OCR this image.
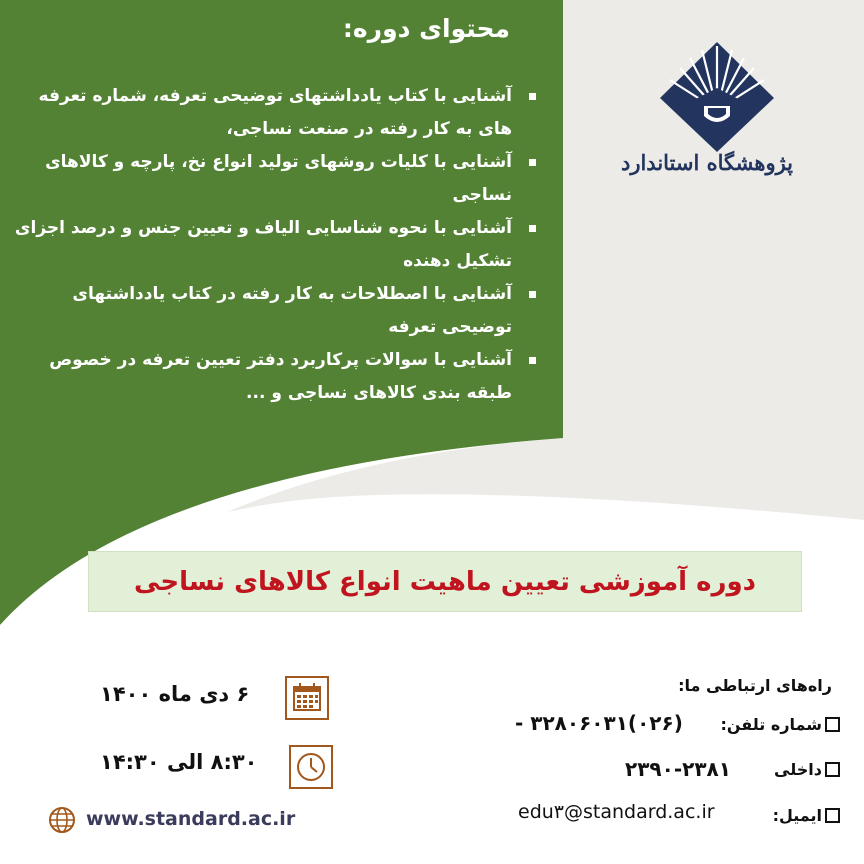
محتوای دوره:
آشنایی با کتاب یادداشتهای توضیحی تعرفه، شماره تعرفه های به کار رفته در صنعت نساجی،
آشنایی با کلیات روشهای تولید انواع نخ، پارچه و کالاهای نساجی
آشنایی با نحوه شناسایی الیاف و تعیین جنس و درصد اجزای تشکیل دهنده
آشنایی با اصطلاحات به کار رفته در کتاب یادداشتهای توضیحی تعرفه
آشنایی با سوالات پرکاربرد دفتر تعیین تعرفه در خصوص طبقه بندی کالاهای نساجی و ...
پژوهشگاه استاندارد
دوره آموزشی تعیین ماهیت انواع کالاهای نساجی
۶ دی ماه ۱۴۰۰
۸:۳۰ الی ۱۴:۳۰
راه‌های ارتباطی ما:
شماره تلفن:
(۰۲۶)۳۲۸۰۶۰۳۱ -
داخلی
۲۳۹۰-۲۳۸۱
ایمیل:
edu۳@standard.ac.ir
www.standard.ac.ir
